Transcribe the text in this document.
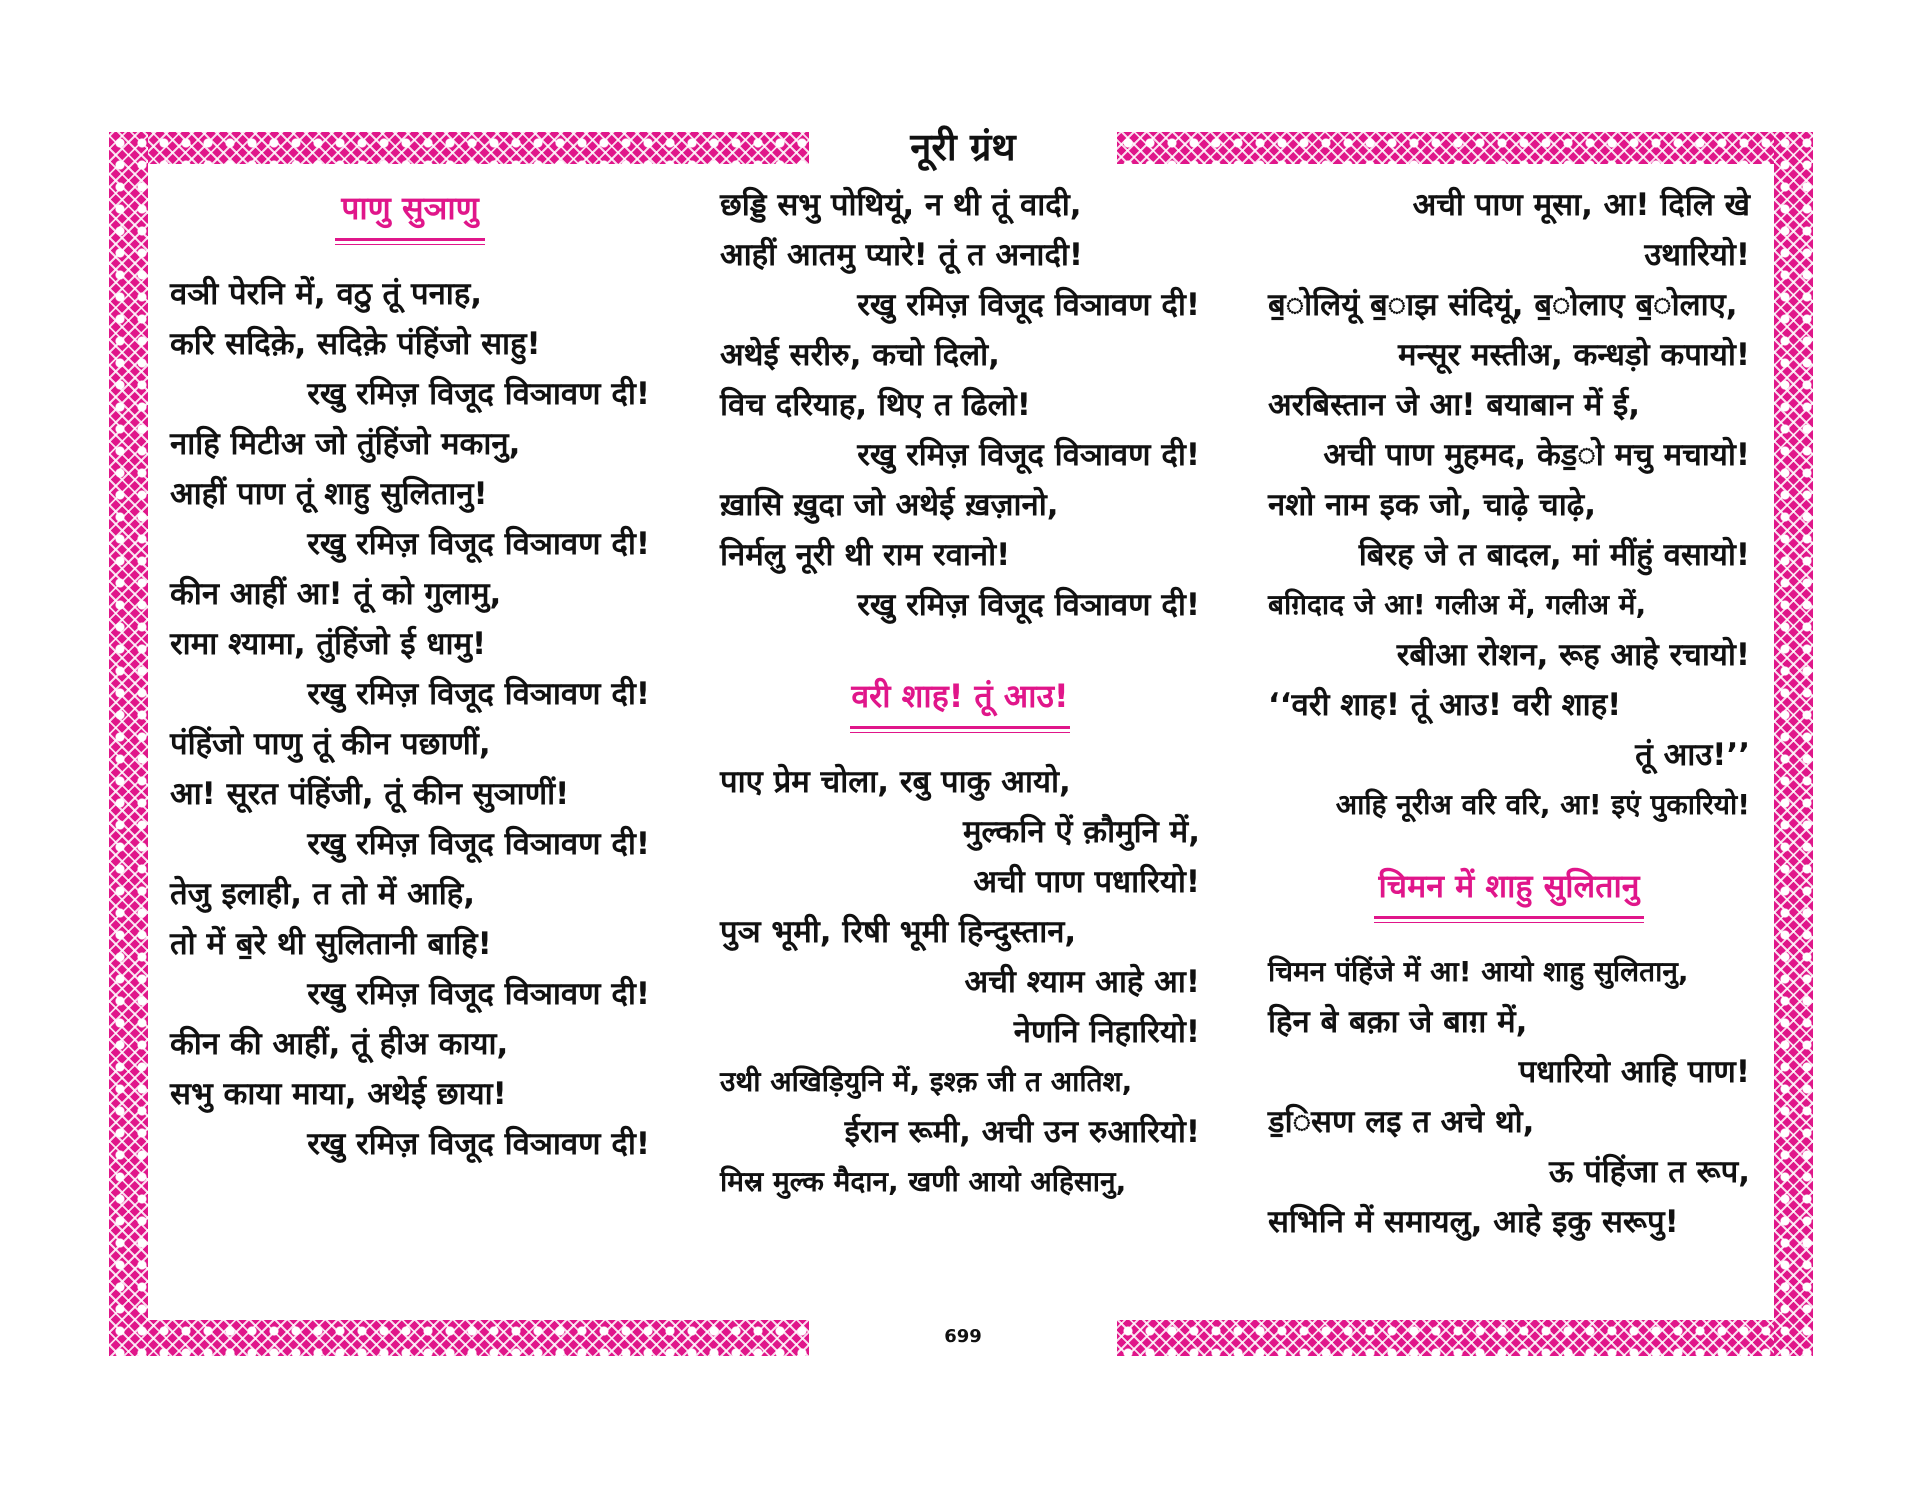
नूरी ग्रंथ
पाणु सुञाणु
वञी पेरनि में, वठु तूं पनाह,
करि सदिक़े, सदिक़े पंहिंजो साहु!
रखु रमिज़ विजूद विञावण दी!
नाहि मिटीअ जो तुंहिंजो मकानु,
आहीं पाण तूं शाहु सुलितानु!
रखु रमिज़ विजूद विञावण दी!
कीन आहीं आ! तूं को गुलामु,
रामा श्यामा, तुंहिंजो ई धामु!
रखु रमिज़ विजूद विञावण दी!
पंहिंजो पाणु तूं कीन पछाणीं,
आ! सूरत पंहिंजी, तूं कीन सुञाणीं!
रखु रमिज़ विजूद विञावण दी!
तेजु इलाही, त तो में आहि,
तो में ब॒रे थी सुलितानी बाहि!
रखु रमिज़ विजूद विञावण दी!
कीन की आहीं, तूं हीअ काया,
सभु काया माया, अथेई छाया!
रखु रमिज़ विजूद विञावण दी!
छड्डि सभु पोथियूं, न थी तूं वादी,
आहीं आतमु प्यारे! तूं त अनादी!
रखु रमिज़ विजूद विञावण दी!
अथेई सरीरु, कचो दिलो,
विच दरियाह, थिए त ढिलो!
रखु रमिज़ विजूद विञावण दी!
ख़ासि ख़ुदा जो अथेई ख़ज़ानो,
निर्मलु नूरी थी राम रवानो!
रखु रमिज़ विजूद विञावण दी!
वरी शाह! तूं आउ!
पाए प्रेम चोला, रबु पाकु आयो,
मुल्कनि ऐं क़ौमुनि में,
अची पाण पधारियो!
पुञ भूमी, रिषी भूमी हिन्दुस्तान,
अची श्याम आहे आ!
नेणनि निहारियो!
उथी अखिड़ियुनि में, इश्क़ जी त आतिश,
ईरान रूमी, अची उन रुआरियो!
मिस्र मुल्क मैदान, खणी आयो अहिसानु,
अची पाण मूसा, आ! दिलि खे
उथारियो!
ब॒ोलियूं ब॒ाझ संदियूं, ब॒ोलाए ब॒ोलाए,
मन्सूर मस्तीअ, कन्धड़ो कपायो!
अरबिस्तान जे आ! बयाबान में ई,
अची पाण मुहमद, केड॒ो मचु मचायो!
नशो नाम इक जो, चाढ़े चाढ़े,
बिरह जे त बादल, मां मींहुं वसायो!
बग़िदाद जे आ! गलीअ में, गलीअ में,
रबीआ रोशन, रूह आहे रचायो!
‘‘वरी शाह! तूं आउ! वरी शाह!
तूं आउ!’’
आहि नूरीअ वरि वरि, आ! इएं पुकारियो!
चिमन में शाहु सुलितानु
चिमन पंहिंजे में आ! आयो शाहु सुलितानु,
हिन बे बक़ा जे बाग़ में,
पधारियो आहि पाण!
ड॒िसण लइ त अचे थो,
ऊ पंहिंजा त रूप,
सभिनि में समायलु, आहे इकु सरूपु!
699
